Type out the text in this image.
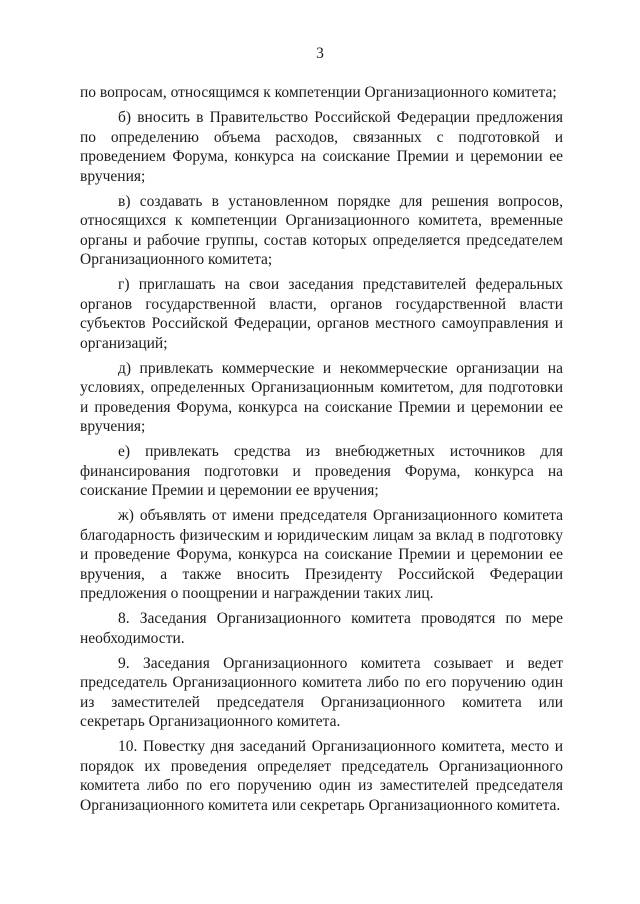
3

по вопросам, относящимся к компетенции Организационного комитета;

б) вносить в Правительство Российской Федерации предложения по определению объема расходов, связанных с подготовкой и проведением Форума, конкурса на соискание Премии и церемонии ее вручения;

в) создавать в установленном порядке для решения вопросов, относящихся к компетенции Организационного комитета, временные органы и рабочие группы, состав которых определяется председателем Организационного комитета;

г) приглашать на свои заседания представителей федеральных органов государственной власти, органов государственной власти субъектов Российской Федерации, органов местного самоуправления и организаций;

д) привлекать коммерческие и некоммерческие организации на условиях, определенных Организационным комитетом, для подготовки и проведения Форума, конкурса на соискание Премии и церемонии ее вручения;

е) привлекать средства из внебюджетных источников для финансирования подготовки и проведения Форума, конкурса на соискание Премии и церемонии ее вручения;

ж) объявлять от имени председателя Организационного комитета благодарность физическим и юридическим лицам за вклад в подготовку и проведение Форума, конкурса на соискание Премии и церемонии ее вручения, а также вносить Президенту Российской Федерации предложения о поощрении и награждении таких лиц.

8. Заседания Организационного комитета проводятся по мере необходимости.

9. Заседания Организационного комитета созывает и ведет председатель Организационного комитета либо по его поручению один из заместителей председателя Организационного комитета или секретарь Организационного комитета.

10. Повестку дня заседаний Организационного комитета, место и порядок их проведения определяет председатель Организационного комитета либо по его поручению один из заместителей председателя Организационного комитета или секретарь Организационного комитета.
